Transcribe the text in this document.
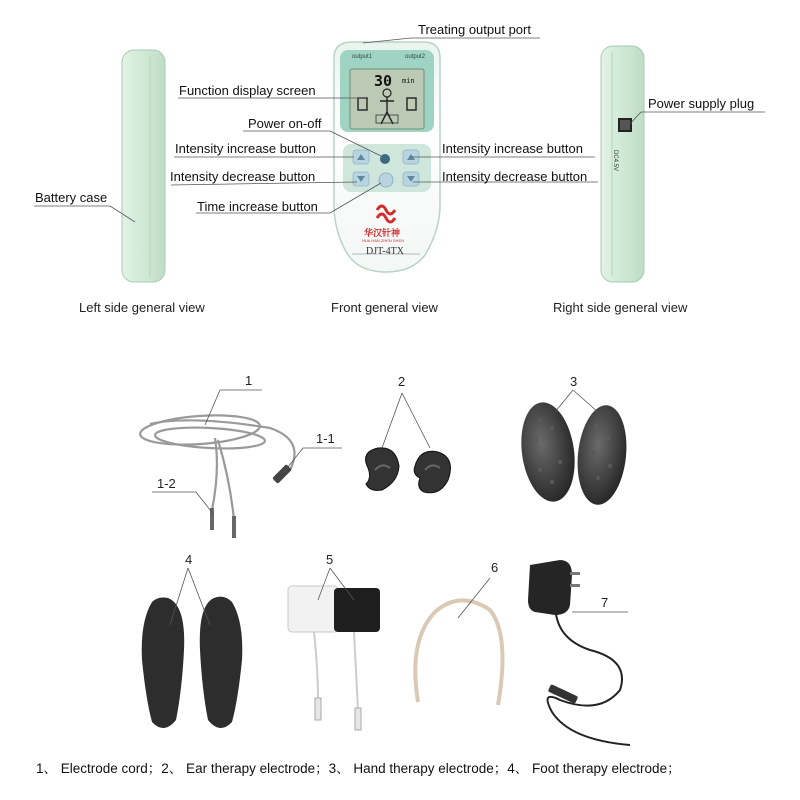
30 min
output1	output2
华汉针神
HUA HAN ZHEN SHEN
DJT-4TX
DC4.5V
Treating output port
Function display screen
Power on-off
Intensity increase button
Intensity decrease button
Time increase button
Battery case
Intensity increase button
Intensity decrease button
Power supply plug
Left side general view	Front general view	Right side general view
1
1-1
1-2
2	3
4	5
6
7
1、 Electrode cord；2、 Ear therapy electrode；3、 Hand therapy electrode；4、 Foot therapy electrode；
